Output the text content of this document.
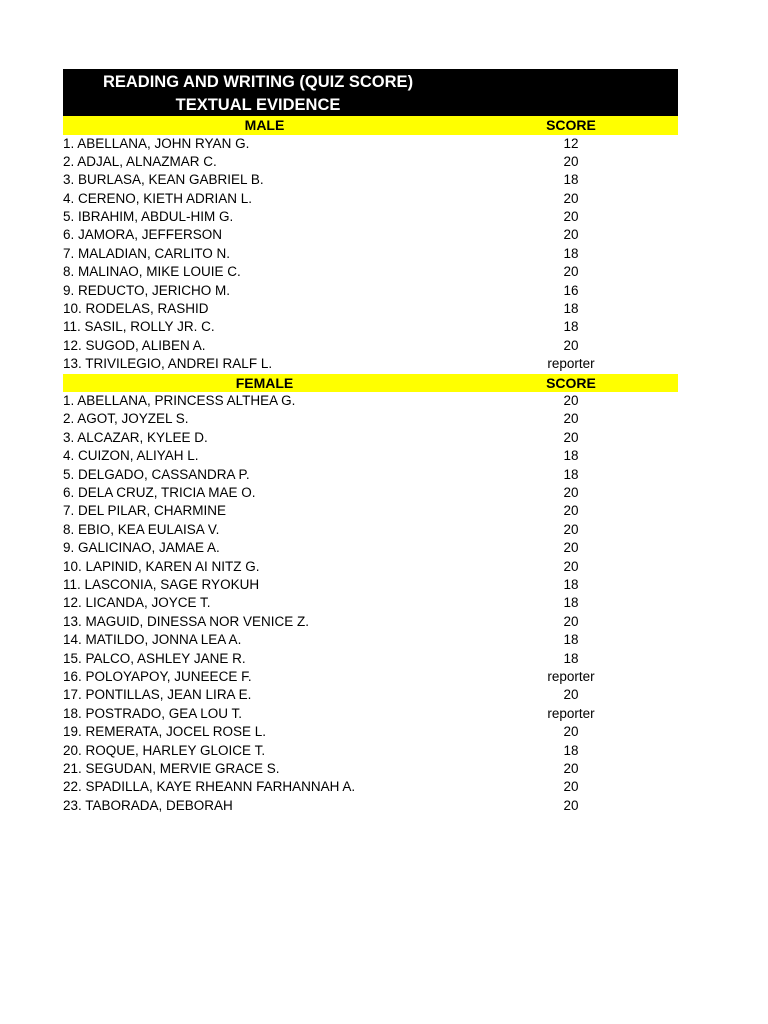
READING AND WRITING (QUIZ SCORE)
TEXTUAL EVIDENCE
MALE	SCORE
1. ABELLANA, JOHN RYAN G.	12
2. ADJAL, ALNAZMAR C.	20
3. BURLASA, KEAN GABRIEL B.	18
4. CERENO, KIETH ADRIAN L.	20
5. IBRAHIM, ABDUL-HIM G.	20
6. JAMORA, JEFFERSON	20
7. MALADIAN, CARLITO N.	18
8. MALINAO, MIKE LOUIE C.	20
9. REDUCTO, JERICHO M.	16
10. RODELAS, RASHID	18
11. SASIL, ROLLY JR. C.	18
12. SUGOD, ALIBEN A.	20
13. TRIVILEGIO, ANDREI RALF L.	reporter
FEMALE	SCORE
1. ABELLANA, PRINCESS ALTHEA G.	20
2. AGOT, JOYZEL S.	20
3. ALCAZAR, KYLEE D.	20
4. CUIZON, ALIYAH L.	18
5. DELGADO, CASSANDRA P.	18
6. DELA CRUZ, TRICIA MAE O.	20
7. DEL PILAR, CHARMINE	20
8. EBIO, KEA EULAISA V.	20
9. GALICINAO, JAMAE A.	20
10. LAPINID, KAREN AI NITZ G.	20
11. LASCONIA, SAGE RYOKUH	18
12. LICANDA, JOYCE T.	18
13. MAGUID, DINESSA NOR VENICE Z.	20
14. MATILDO, JONNA LEA A.	18
15. PALCO, ASHLEY JANE R.	18
16. POLOYAPOY, JUNEECE F.	reporter
17. PONTILLAS, JEAN LIRA E.	20
18. POSTRADO, GEA LOU T.	reporter
19. REMERATA, JOCEL ROSE L.	20
20. ROQUE, HARLEY GLOICE T.	18
21. SEGUDAN, MERVIE GRACE S.	20
22. SPADILLA, KAYE RHEANN FARHANNAH A.	20
23. TABORADA, DEBORAH	20
